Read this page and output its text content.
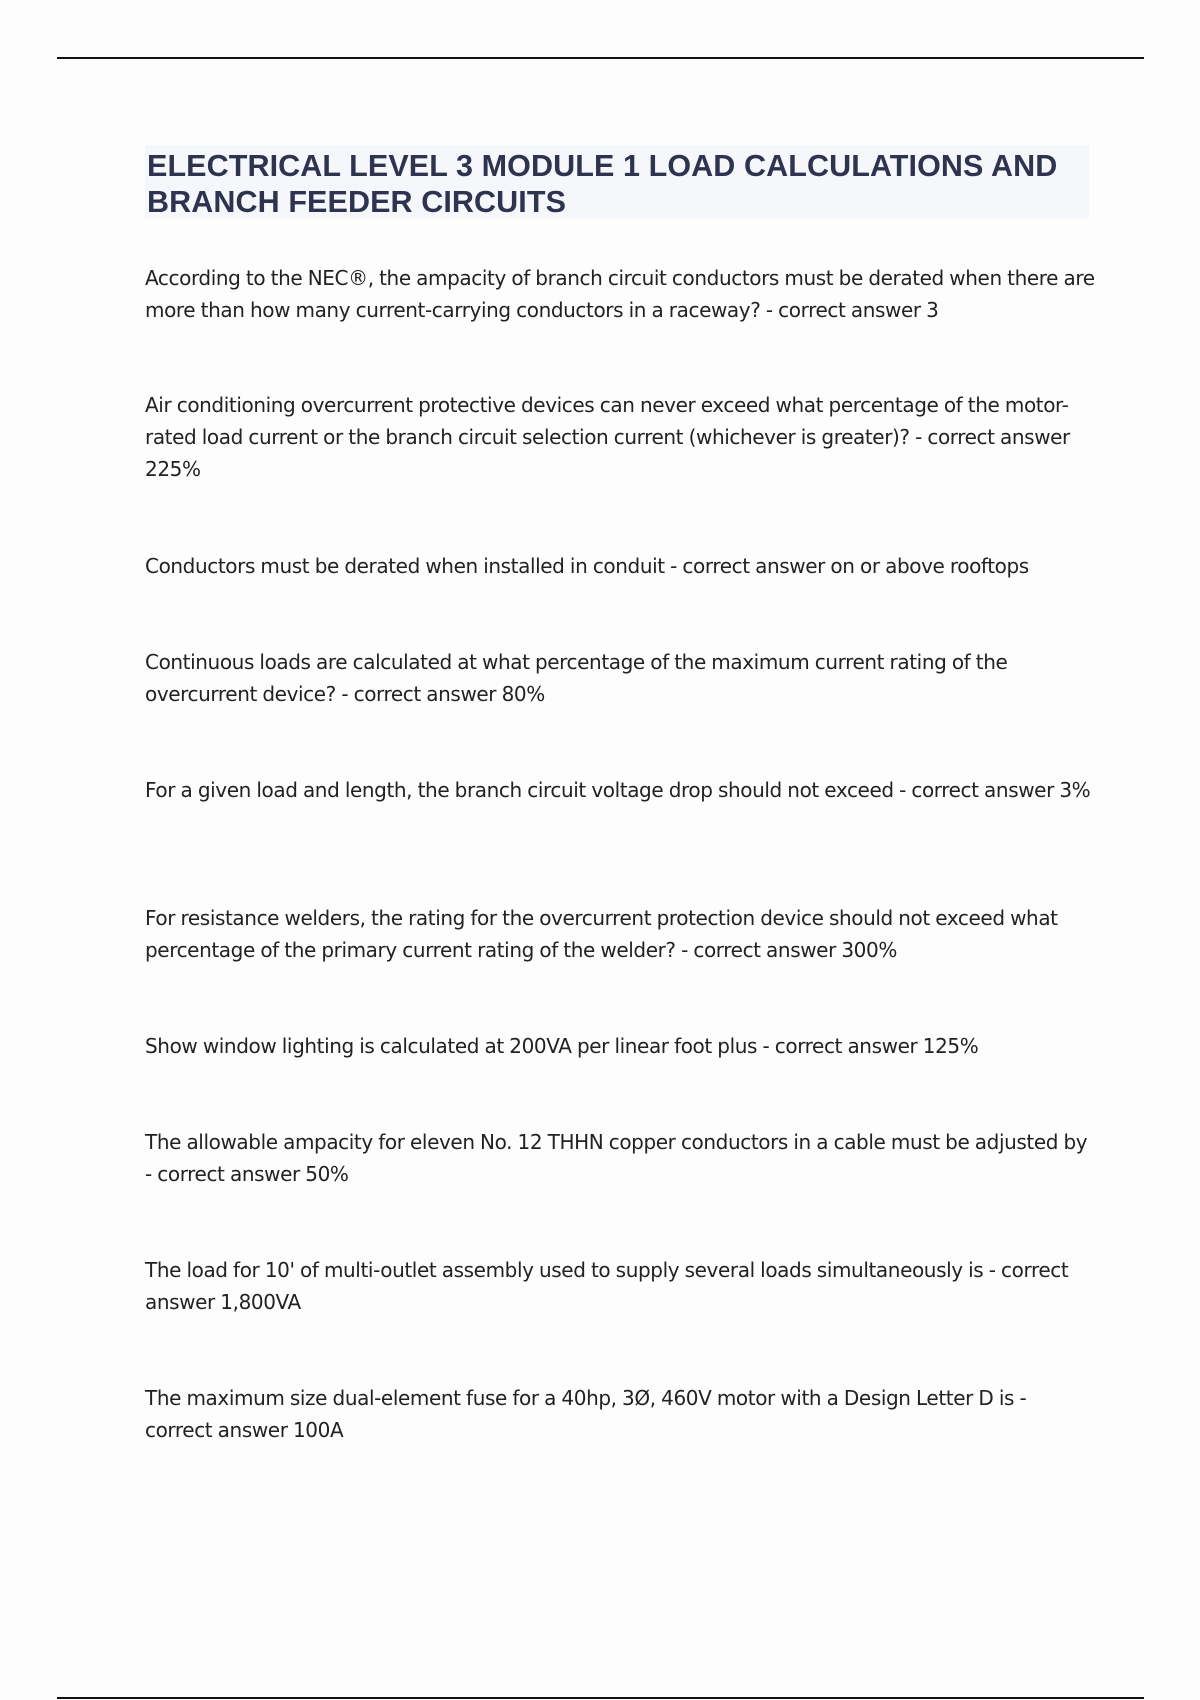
ELECTRICAL LEVEL 3 MODULE 1 LOAD CALCULATIONS AND BRANCH FEEDER CIRCUITS
According to the NEC®, the ampacity of branch circuit conductors must be derated when there are more than how many current-carrying conductors in a raceway? - correct answer 3
Air conditioning overcurrent protective devices can never exceed what percentage of the motor-rated load current or the branch circuit selection current (whichever is greater)? - correct answer 225%
Conductors must be derated when installed in conduit - correct answer on or above rooftops
Continuous loads are calculated at what percentage of the maximum current rating of the overcurrent device? - correct answer 80%
For a given load and length, the branch circuit voltage drop should not exceed - correct answer 3%
For resistance welders, the rating for the overcurrent protection device should not exceed what percentage of the primary current rating of the welder? - correct answer 300%
Show window lighting is calculated at 200VA per linear foot plus - correct answer 125%
The allowable ampacity for eleven No. 12 THHN copper conductors in a cable must be adjusted by - correct answer 50%
The load for 10' of multi-outlet assembly used to supply several loads simultaneously is - correct answer 1,800VA
The maximum size dual-element fuse for a 40hp, 3Ø, 460V motor with a Design Letter D is - correct answer 100A
